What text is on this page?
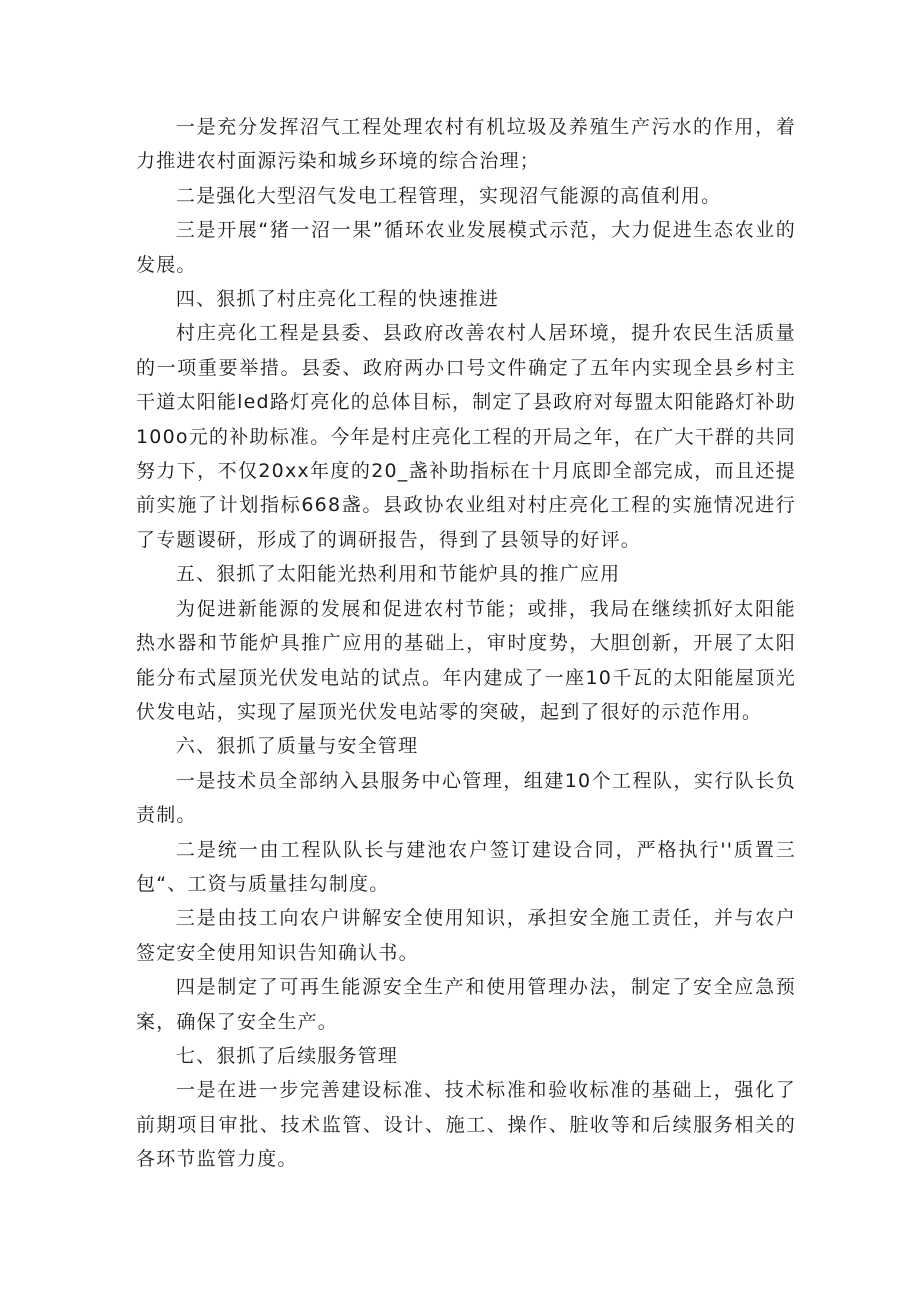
一是充分发挥沼气工程处理农村有机垃圾及养殖生产污水的作用，着力推进农村面源污染和城乡环境的综合治理；

二是强化大型沼气发电工程管理，实现沼气能源的高值利用。

三是开展“猪一沼一果”循环农业发展模式示范，大力促进生态农业的发展。

四、狠抓了村庄亮化工程的快速推进

村庄亮化工程是县委、县政府改善农村人居环境，提升农民生活质量的一项重要举措。县委、政府两办口号文件确定了五年内实现全县乡村主干道太阳能led路灯亮化的总体目标，制定了县政府对每盟太阳能路灯补助100o元的补助标准。今年是村庄亮化工程的开局之年，在广大干群的共同努力下，不仅20xx年度的20_盏补助指标在十月底即全部完成，而且还提前实施了计划指标668盏。县政协农业组对村庄亮化工程的实施情况进行了专题谡研，形成了的调研报告，得到了县领导的好评。

五、狠抓了太阳能光热利用和节能炉具的推广应用

为促进新能源的发展和促进农村节能；或排，我局在继续抓好太阳能热水器和节能炉具推广应用的基础上，审时度势，大胆创新，开展了太阳能分布式屋顶光伏发电站的试点。年内建成了一座10千瓦的太阳能屋顶光伏发电站，实现了屋顶光伏发电站零的突破，起到了很好的示范作用。

六、狠抓了质量与安全管理

一是技术员全部纳入县服务中心管理，组建10个工程队，实行队长负责制。

二是统一由工程队队长与建池农户签订建设合同，严格执行''质置三包“、工资与质量挂勾制度。

三是由技工向农户讲解安全使用知识，承担安全施工责任，并与农户签定安全使用知识告知确认书。

四是制定了可再生能源安全生产和使用管理办法，制定了安全应急预案，确保了安全生产。

七、狠抓了后续服务管理

一是在进一步完善建设标准、技术标准和验收标准的基础上，强化了前期项目审批、技术监管、设计、施工、操作、脏收等和后续服务相关的各环节监管力度。
